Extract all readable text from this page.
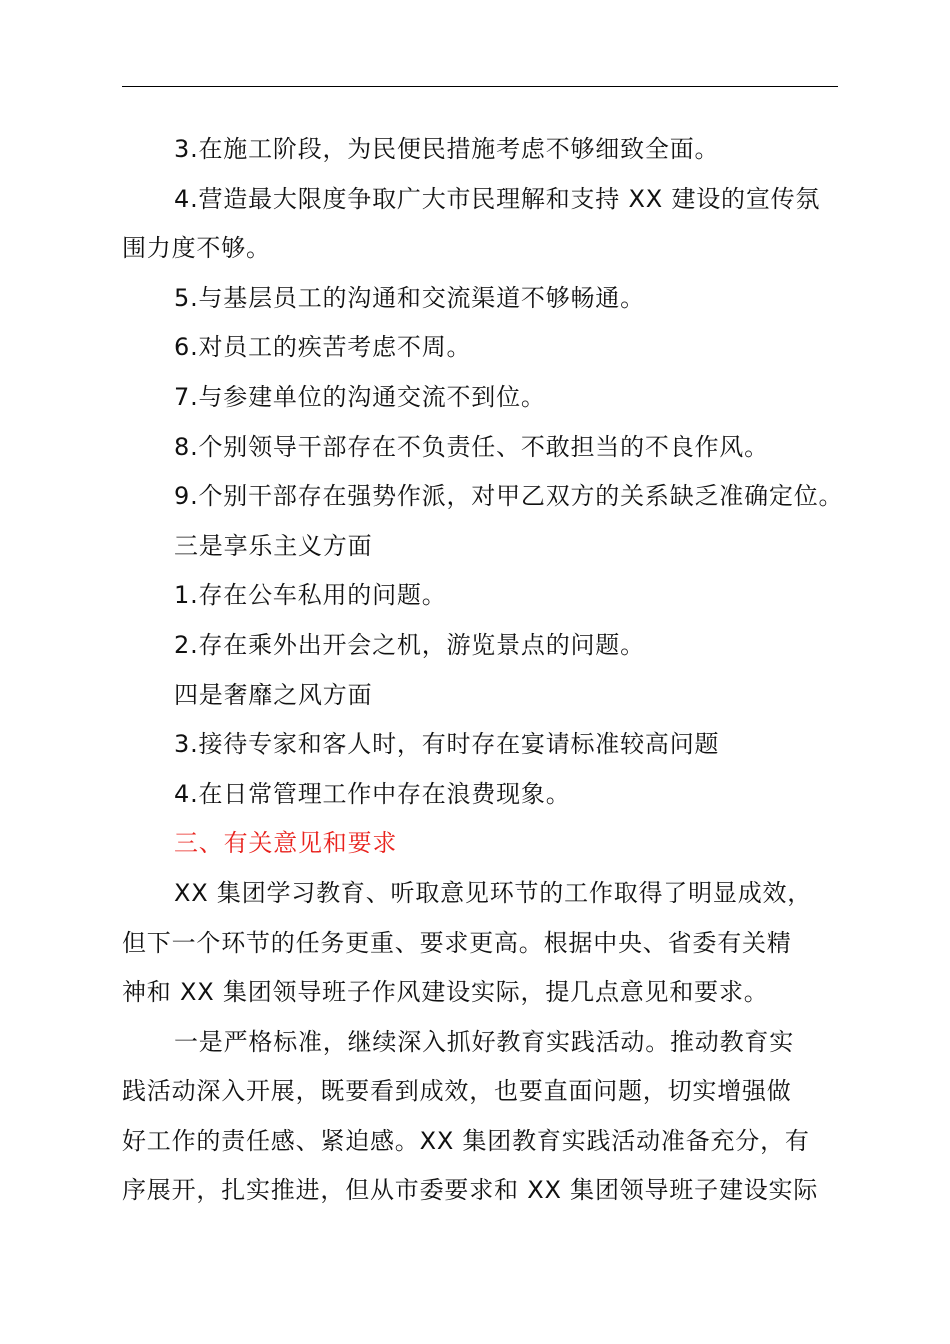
3.在施工阶段，为民便民措施考虑不够细致全面。
4.营造最大限度争取广大市民理解和支持 XX 建设的宣传氛
围力度不够。
5.与基层员工的沟通和交流渠道不够畅通。
6.对员工的疾苦考虑不周。
7.与参建单位的沟通交流不到位。
8.个别领导干部存在不负责任、不敢担当的不良作风。
9.个别干部存在强势作派，对甲乙双方的关系缺乏准确定位。
三是享乐主义方面
1.存在公车私用的问题。
2.存在乘外出开会之机，游览景点的问题。
四是奢靡之风方面
3.接待专家和客人时，有时存在宴请标准较高问题
4.在日常管理工作中存在浪费现象。
三、有关意见和要求
XX 集团学习教育、听取意见环节的工作取得了明显成效，
但下一个环节的任务更重、要求更高。根据中央、省委有关精
神和 XX 集团领导班子作风建设实际，提几点意见和要求。
一是严格标准，继续深入抓好教育实践活动。推动教育实
践活动深入开展，既要看到成效，也要直面问题，切实增强做
好工作的责任感、紧迫感。XX 集团教育实践活动准备充分，有
序展开，扎实推进，但从市委要求和 XX 集团领导班子建设实际
